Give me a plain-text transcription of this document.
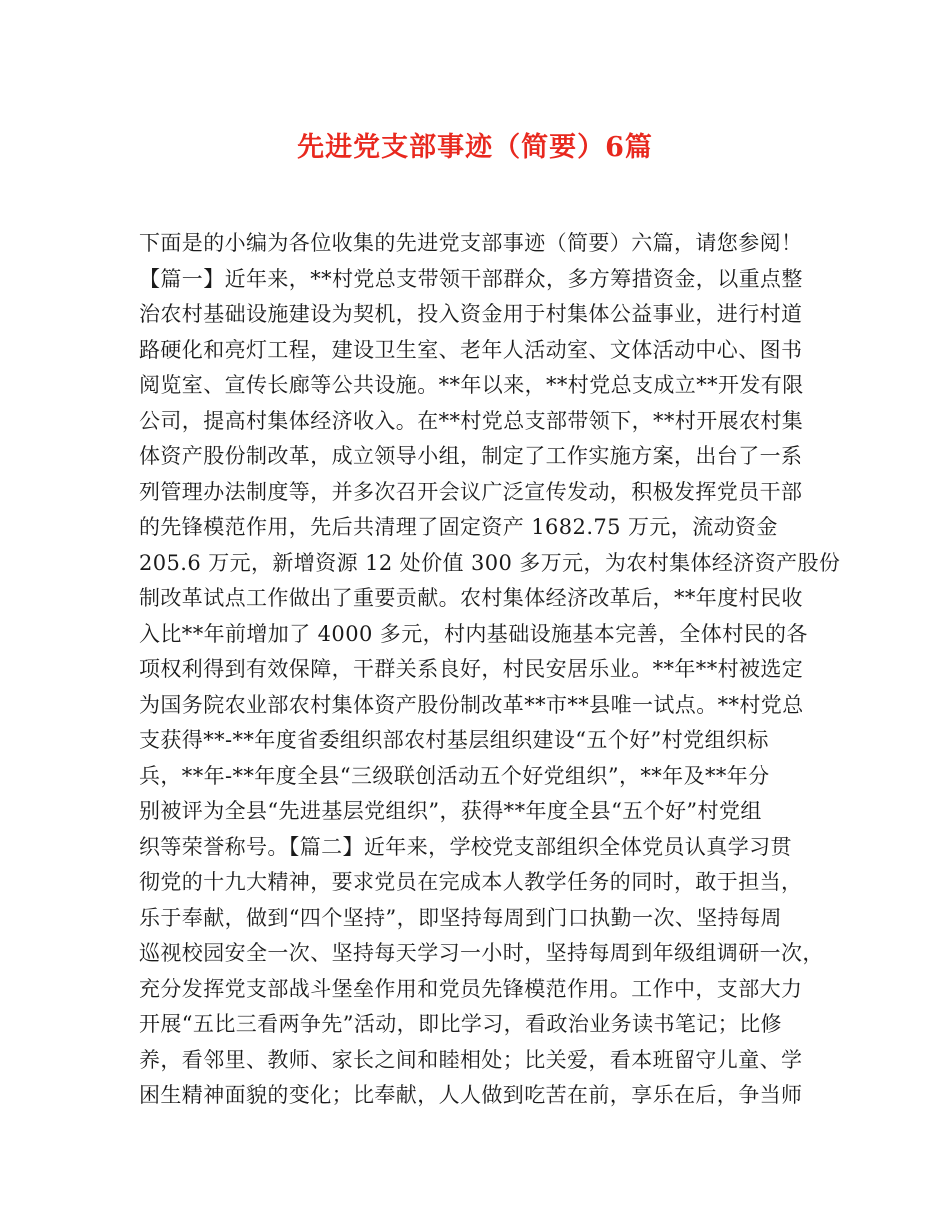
先进党支部事迹（简要）6篇
下面是的小编为各位收集的先进党支部事迹（简要）六篇，请您参阅！
【篇一】近年来，**村党总支带领干部群众，多方筹措资金，以重点整
治农村基础设施建设为契机，投入资金用于村集体公益事业，进行村道
路硬化和亮灯工程，建设卫生室、老年人活动室、文体活动中心、图书
阅览室、宣传长廊等公共设施。**年以来，**村党总支成立**开发有限
公司，提高村集体经济收入。在**村党总支部带领下，**村开展农村集
体资产股份制改革，成立领导小组，制定了工作实施方案，出台了一系
列管理办法制度等，并多次召开会议广泛宣传发动，积极发挥党员干部
的先锋模范作用，先后共清理了固定资产 1682.75 万元，流动资金
205.6 万元，新增资源 12 处价值 300 多万元，为农村集体经济资产股份
制改革试点工作做出了重要贡献。农村集体经济改革后，**年度村民收
入比**年前增加了 4000 多元，村内基础设施基本完善，全体村民的各
项权利得到有效保障，干群关系良好，村民安居乐业。**年**村被选定
为国务院农业部农村集体资产股份制改革**市**县唯一试点。**村党总
支获得**-**年度省委组织部农村基层组织建设“五个好”村党组织标
兵，**年-**年度全县“三级联创活动五个好党组织”，**年及**年分
别被评为全县“先进基层党组织”，获得**年度全县“五个好”村党组
织等荣誉称号。【篇二】近年来，学校党支部组织全体党员认真学习贯
彻党的十九大精神，要求党员在完成本人教学任务的同时，敢于担当，
乐于奉献，做到“四个坚持”，即坚持每周到门口执勤一次、坚持每周
巡视校园安全一次、坚持每天学习一小时，坚持每周到年级组调研一次，
充分发挥党支部战斗堡垒作用和党员先锋模范作用。工作中，支部大力
开展“五比三看两争先”活动，即比学习，看政治业务读书笔记；比修
养，看邻里、教师、家长之间和睦相处；比关爱，看本班留守儿童、学
困生精神面貌的变化；比奉献，人人做到吃苦在前，享乐在后，争当师
